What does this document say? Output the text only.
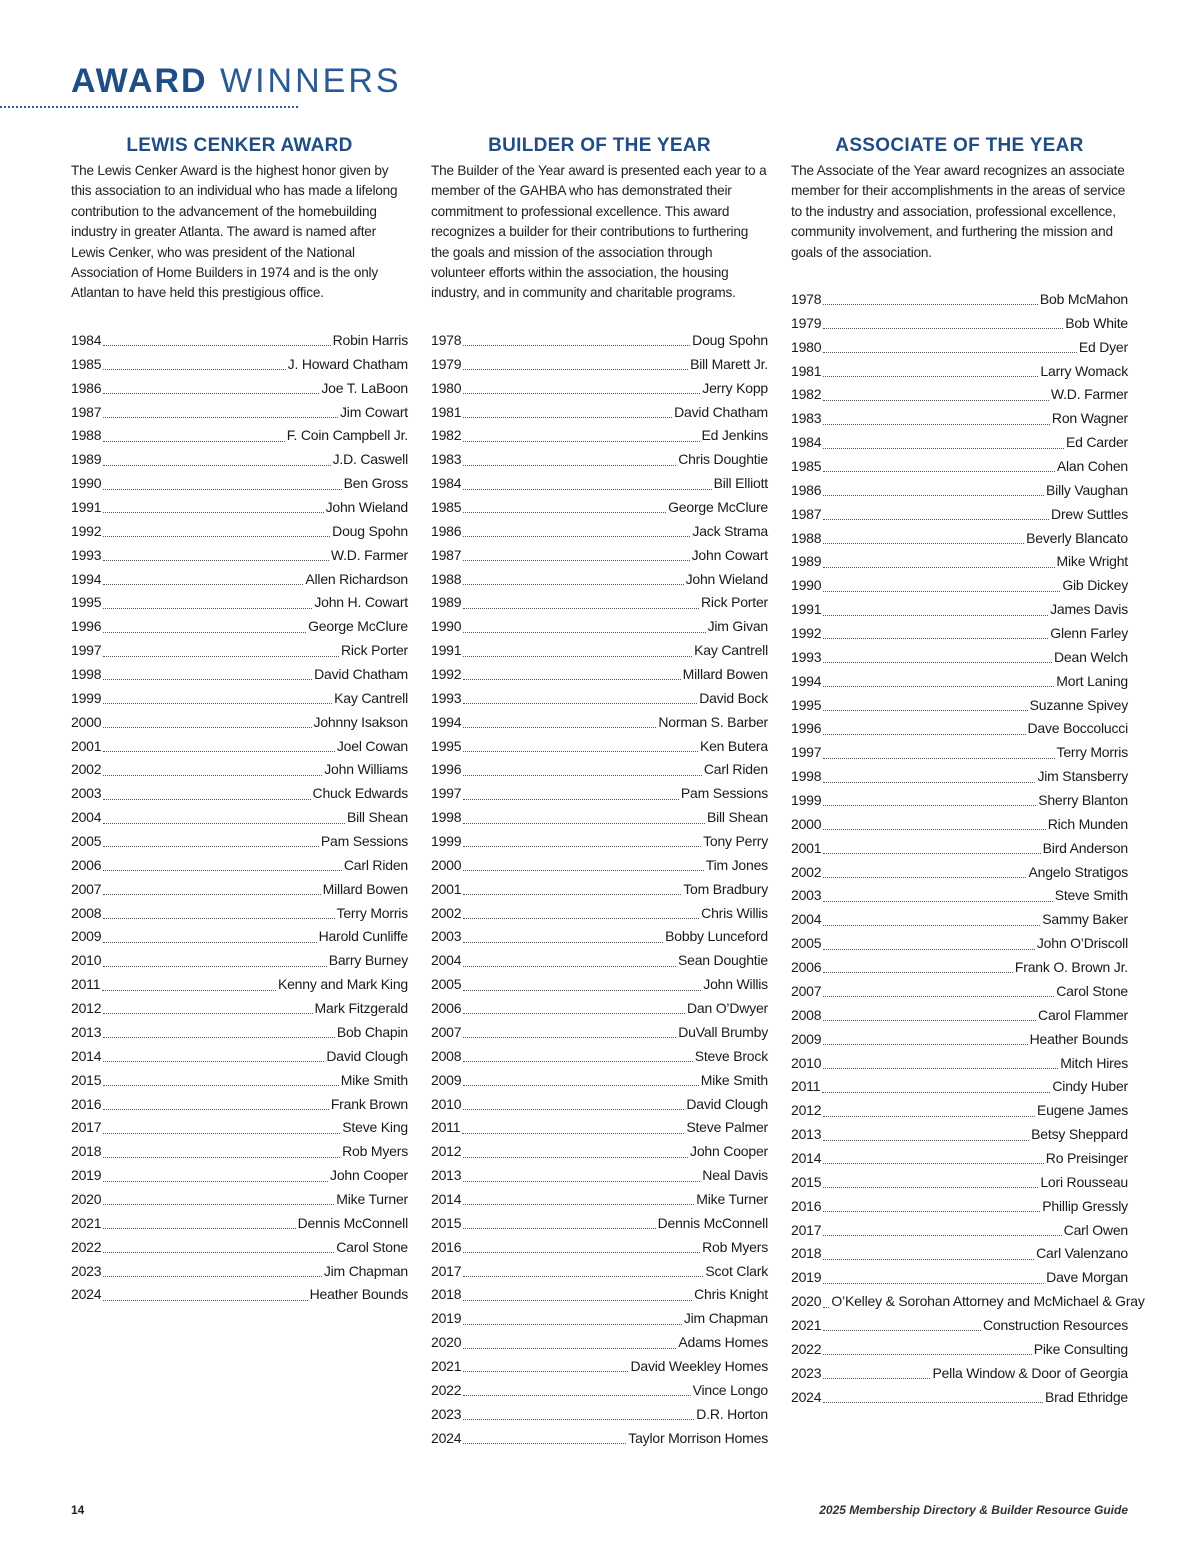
AWARD WINNERS
LEWIS CENKER AWARD

The Lewis Cenker Award is the highest honor given by this association to an individual who has made a lifelong contribution to the advancement of the homebuilding industry in greater Atlanta. The award is named after Lewis Cenker, who was president of the National Association of Home Builders in 1974 and is the only Atlantan to have held this prestigious office.

1984	Robin Harris
1985	J. Howard Chatham
1986	Joe T. LaBoon
1987	Jim Cowart
1988	F. Coin Campbell Jr.
1989	J.D. Caswell
1990	Ben Gross
1991	John Wieland
1992	Doug Spohn
1993	W.D. Farmer
1994	Allen Richardson
1995	John H. Cowart
1996	George McClure
1997	Rick Porter
1998	David Chatham
1999	Kay Cantrell
2000	Johnny Isakson
2001	Joel Cowan
2002	John Williams
2003	Chuck Edwards
2004	Bill Shean
2005	Pam Sessions
2006	Carl Riden
2007	Millard Bowen
2008	Terry Morris
2009	Harold Cunliffe
2010	Barry Burney
2011	Kenny and Mark King
2012	Mark Fitzgerald
2013	Bob Chapin
2014	David Clough
2015	Mike Smith
2016	Frank Brown
2017	Steve King
2018	Rob Myers
2019	John Cooper
2020	Mike Turner
2021	Dennis McConnell
2022	Carol Stone
2023	Jim Chapman
2024	Heather Bounds
BUILDER OF THE YEAR

The Builder of the Year award is presented each year to a member of the GAHBA who has demonstrated their commitment to professional excellence. This award recognizes a builder for their contributions to furthering the goals and mission of the association through volunteer efforts within the association, the housing industry, and in community and charitable programs.

1978	Doug Spohn
1979	Bill Marett Jr.
1980	Jerry Kopp
1981	David Chatham
1982	Ed Jenkins
1983	Chris Doughtie
1984	Bill Elliott
1985	George McClure
1986	Jack Strama
1987	John Cowart
1988	John Wieland
1989	Rick Porter
1990	Jim Givan
1991	Kay Cantrell
1992	Millard Bowen
1993	David Bock
1994	Norman S. Barber
1995	Ken Butera
1996	Carl Riden
1997	Pam Sessions
1998	Bill Shean
1999	Tony Perry
2000	Tim Jones
2001	Tom Bradbury
2002	Chris Willis
2003	Bobby Lunceford
2004	Sean Doughtie
2005	John Willis
2006	Dan O’Dwyer
2007	DuVall Brumby
2008	Steve Brock
2009	Mike Smith
2010	David Clough
2011	Steve Palmer
2012	John Cooper
2013	Neal Davis
2014	Mike Turner
2015	Dennis McConnell
2016	Rob Myers
2017	Scot Clark
2018	Chris Knight
2019	Jim Chapman
2020	Adams Homes
2021	David Weekley Homes
2022	Vince Longo
2023	D.R. Horton
2024	Taylor Morrison Homes
ASSOCIATE OF THE YEAR

The Associate of the Year award recognizes an associate member for their accomplishments in the areas of service to the industry and association, professional excellence, community involvement, and furthering the mission and goals of the association.

1978	Bob McMahon
1979	Bob White
1980	Ed Dyer
1981	Larry Womack
1982	W.D. Farmer
1983	Ron Wagner
1984	Ed Carder
1985	Alan Cohen
1986	Billy Vaughan
1987	Drew Suttles
1988	Beverly Blancato
1989	Mike Wright
1990	Gib Dickey
1991	James Davis
1992	Glenn Farley
1993	Dean Welch
1994	Mort Laning
1995	Suzanne Spivey
1996	Dave Boccolucci
1997	Terry Morris
1998	Jim Stansberry
1999	Sherry Blanton
2000	Rich Munden
2001	Bird Anderson
2002	Angelo Stratigos
2003	Steve Smith
2004	Sammy Baker
2005	John O’Driscoll
2006	Frank O. Brown Jr.
2007	Carol Stone
2008	Carol Flammer
2009	Heather Bounds
2010	Mitch Hires
2011	Cindy Huber
2012	Eugene James
2013	Betsy Sheppard
2014	Ro Preisinger
2015	Lori Rousseau
2016	Phillip Gressly
2017	Carl Owen
2018	Carl Valenzano
2019	Dave Morgan
2020 O’Kelley & Sorohan Attorney and McMichael & Gray
2021	Construction Resources
2022	Pike Consulting
2023	Pella Window & Door of Georgia
2024	Brad Ethridge
14	2025 Membership Directory & Builder Resource Guide
